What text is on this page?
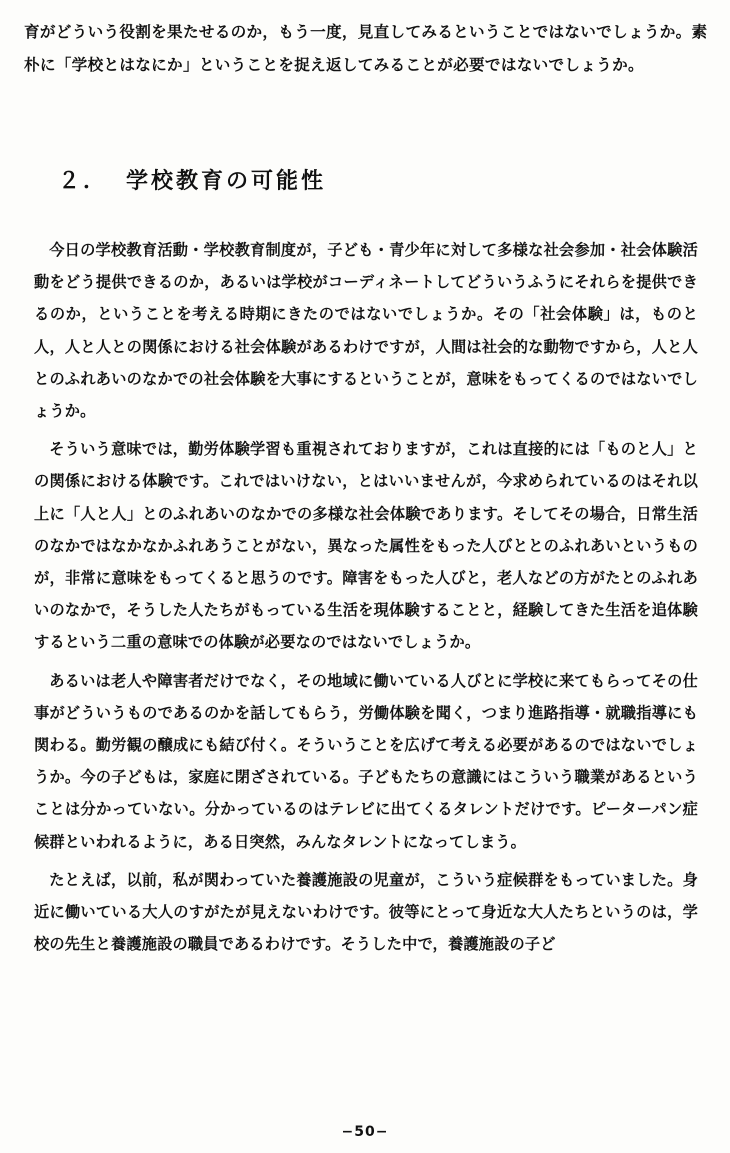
育がどういう役割を果たせるのか，もう一度，見直してみるということではないでしょうか。素朴に「学校とはなにか」ということを捉え返してみることが必要ではないでしょうか。

２． 学校教育の可能性

今日の学校教育活動・学校教育制度が，子ども・青少年に対して多様な社会参加・社会体験活動をどう提供できるのか，あるいは学校がコーディネートしてどういうふうにそれらを提供できるのか，ということを考える時期にきたのではないでしょうか。その「社会体験」は，ものと人，人と人との関係における社会体験があるわけですが，人間は社会的な動物ですから，人と人とのふれあいのなかでの社会体験を大事にするということが，意味をもってくるのではないでしょうか。

そういう意味では，勤労体験学習も重視されておりますが，これは直接的には「ものと人」との関係における体験です。これではいけない，とはいいませんが，今求められているのはそれ以上に「人と人」とのふれあいのなかでの多様な社会体験であります。そしてその場合，日常生活のなかではなかなかふれあうことがない，異なった属性をもった人びととのふれあいというものが，非常に意味をもってくると思うのです。障害をもった人びと，老人などの方がたとのふれあいのなかで，そうした人たちがもっている生活を現体験することと，経験してきた生活を追体験するという二重の意味での体験が必要なのではないでしょうか。

あるいは老人や障害者だけでなく，その地域に働いている人びとに学校に来てもらってその仕事がどういうものであるのかを話してもらう，労働体験を聞く，つまり進路指導・就職指導にも関わる。勤労観の醸成にも結び付く。そういうことを広げて考える必要があるのではないでしょうか。今の子どもは，家庭に閉ざされている。子どもたちの意識にはこういう職業があるということは分かっていない。分かっているのはテレビに出てくるタレントだけです。ピーターパン症候群といわれるように，ある日突然，みんなタレントになってしまう。

たとえば，以前，私が関わっていた養護施設の児童が，こういう症候群をもっていました。身近に働いている大人のすがたが見えないわけです。彼等にとって身近な大人たちというのは，学校の先生と養護施設の職員であるわけです。そうした中で，養護施設の子ど

−50−
